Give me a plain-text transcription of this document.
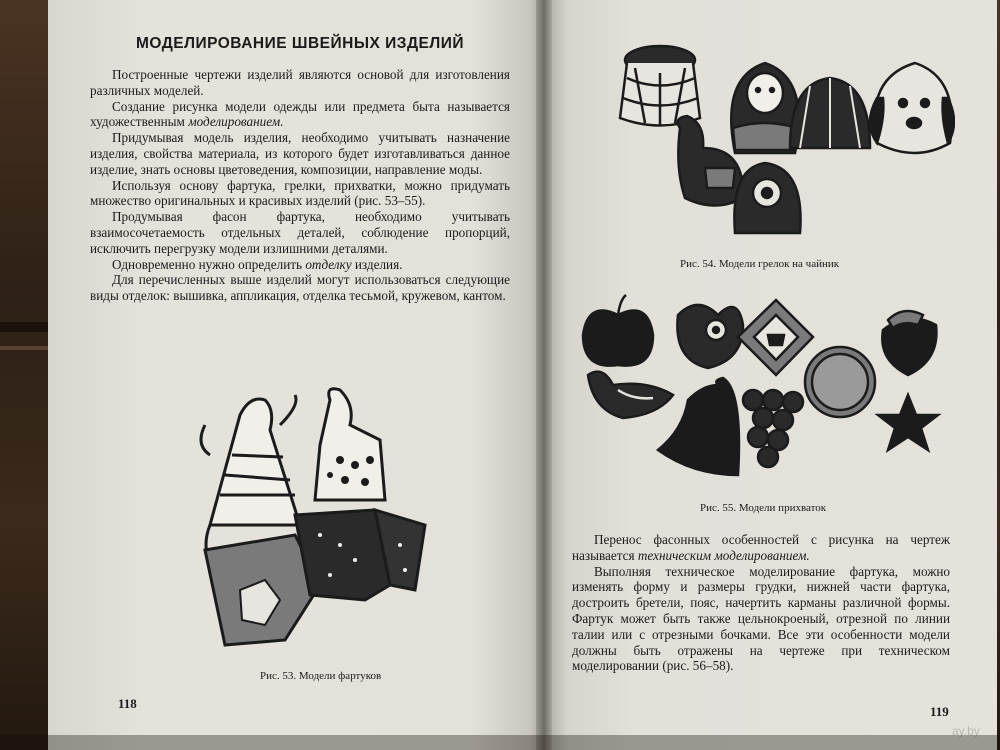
МОДЕЛИРОВАНИЕ ШВЕЙНЫХ ИЗДЕЛИЙ

Построенные чертежи изделий являются основой для изготовления различных моделей.

Создание рисунка модели одежды или предмета быта называется художественным моделированием.

Придумывая модель изделия, необходимо учитывать назначение изделия, свойства материала, из которого будет изготавливаться данное изделие, знать основы цветоведения, композиции, направление моды.

Используя основу фартука, грелки, прихватки, можно придумать множество оригинальных и красивых изделий (рис. 53–55).

Продумывая фасон фартука, необходимо учитывать взаимосочетаемость отдельных деталей, соблюдение пропорций, исключить перегрузку модели излишними деталями.

Одновременно нужно определить отделку изделия.

Для перечисленных выше изделий могут использоваться следующие виды отделок: вышивка, аппликация, отделка тесьмой, кружевом, кантом.

Рис. 53. Модели фартуков
118
Рис. 54. Модели грелок на чайник
Рис. 55. Модели прихваток

Перенос фасонных особенностей с рисунка на чертеж называется техническим моделированием.

Выполняя техническое моделирование фартука, можно изменять форму и размеры грудки, нижней части фартука, достроить бретели, пояс, начертить карманы различной формы. Фартук может быть также цельнокроеный, отрезной по линии талии или с отрезными бочками. Все эти особенности модели должны быть отражены на чертеже при техническом моделировании (рис. 56–58).

119
ay.by
